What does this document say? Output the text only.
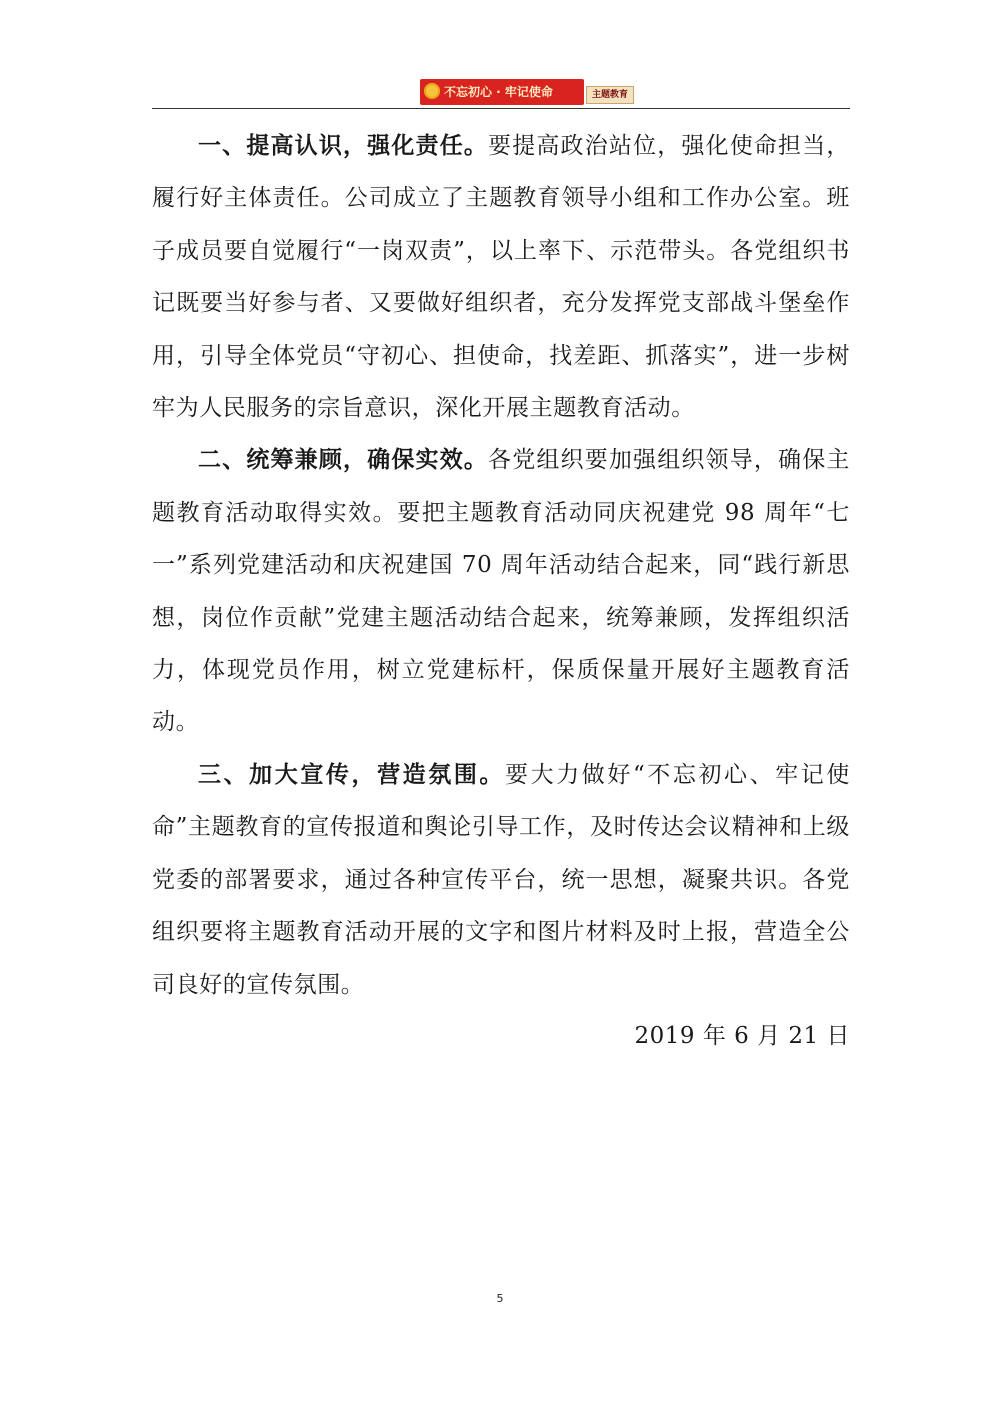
不忘初心 · 牢记使命	主题教育

一、提高认识，强化责任。要提高政治站位，强化使命担当，履行好主体责任。公司成立了主题教育领导小组和工作办公室。班子成员要自觉履行“一岗双责”，以上率下、示范带头。各党组织书记既要当好参与者、又要做好组织者，充分发挥党支部战斗堡垒作用，引导全体党员“守初心、担使命，找差距、抓落实”，进一步树牢为人民服务的宗旨意识，深化开展主题教育活动。

二、统筹兼顾，确保实效。各党组织要加强组织领导，确保主题教育活动取得实效。要把主题教育活动同庆祝建党 98 周年“七一”系列党建活动和庆祝建国 70 周年活动结合起来，同“践行新思想，岗位作贡献”党建主题活动结合起来，统筹兼顾，发挥组织活力，体现党员作用，树立党建标杆，保质保量开展好主题教育活动。

三、加大宣传，营造氛围。要大力做好“不忘初心、牢记使命”主题教育的宣传报道和舆论引导工作，及时传达会议精神和上级党委的部署要求，通过各种宣传平台，统一思想，凝聚共识。各党组织要将主题教育活动开展的文字和图片材料及时上报，营造全公司良好的宣传氛围。

2019 年 6 月 21 日
5
